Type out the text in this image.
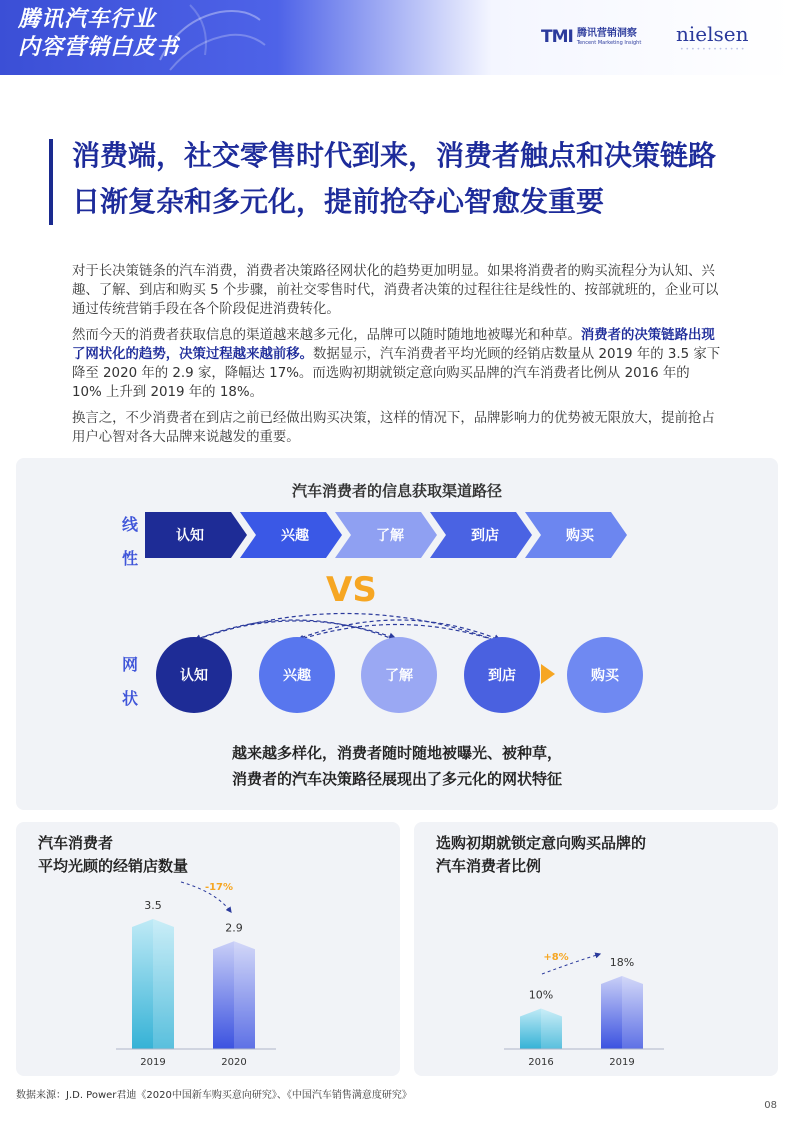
腾讯汽车行业
内容营销白皮书	TMI 腾讯营销洞察
Tencent Marketing Insight nielsen
••••••••••••
消费端，社交零售时代到来，消费者触点和决策链路
日渐复杂和多元化，提前抢夺心智愈发重要

对于长决策链条的汽车消费，消费者决策路径网状化的趋势更加明显。如果将消费者的购买流程分为认知、兴趣、了解、到店和购买 5 个步骤，前社交零售时代，消费者决策的过程往往是线性的、按部就班的，企业可以通过传统营销手段在各个阶段促进消费转化。

然而今天的消费者获取信息的渠道越来越多元化，品牌可以随时随地地被曝光和种草。消费者的决策链路出现了网状化的趋势，决策过程越来越前移。数据显示，汽车消费者平均光顾的经销店数量从 2019 年的 3.5 家下降至 2020 年的 2.9 家，降幅达 17%。而选购初期就锁定意向购买品牌的汽车消费者比例从 2016 年的 10% 上升到 2019 年的 18%。

换言之，不少消费者在到店之前已经做出购买决策，这样的情况下，品牌影响力的优势被无限放大，提前抢占用户心智对各大品牌来说越发的重要。

汽车消费者的信息获取渠道路径
越来越多样化，消费者随时随地被曝光、被种草，
消费者的汽车决策路径展现出了多元化的网状特征
线
性
网
状
认知	兴趣	了解	到店	购买
VS
认知	兴趣	了解	到店	购买
汽车消费者
平均光顾的经销店数量
3.5
2019
2.9
2020
-17%
选购初期就锁定意向购买品牌的
汽车消费者比例
10%
2016
18%
2019
+8%
数据来源：J.D. Power君迪《2020中国新车购买意向研究》、《中国汽车销售满意度研究》
08
